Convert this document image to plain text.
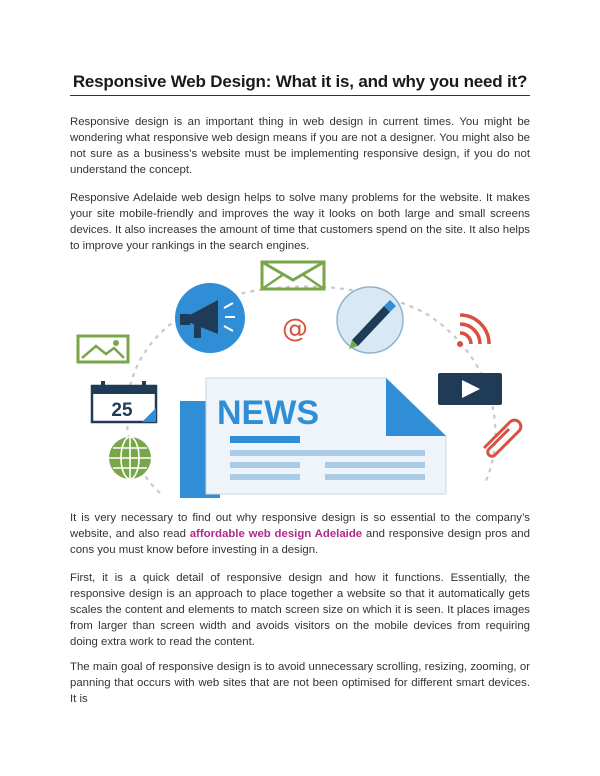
Responsive Web Design: What it is, and why you need it?

Responsive design is an important thing in web design in current times. You might be wondering what responsive web design means if you are not a designer. You might also be not sure as a business’s website must be implementing responsive design, if you do not understand the concept.

Responsive Adelaide web design helps to solve many problems for the website. It makes your site mobile-friendly and improves the way it looks on both large and small screens devices. It also increases the amount of time that customers spend on the site. It also helps to improve your rankings in the search engines.

@
25 NEWS

It is very necessary to find out why responsive design is so essential to the company’s website, and also read affordable web design Adelaide and responsive design pros and cons you must know before investing in a design.

First, it is a quick detail of responsive design and how it functions. Essentially, the responsive design is an approach to place together a website so that it automatically gets scales the content and elements to match screen size on which it is seen. It places images from larger than screen width and avoids visitors on the mobile devices from requiring doing extra work to read the content.

The main goal of responsive design is to avoid unnecessary scrolling, resizing, zooming, or panning that occurs with web sites that are not been optimised for different smart devices. It is
